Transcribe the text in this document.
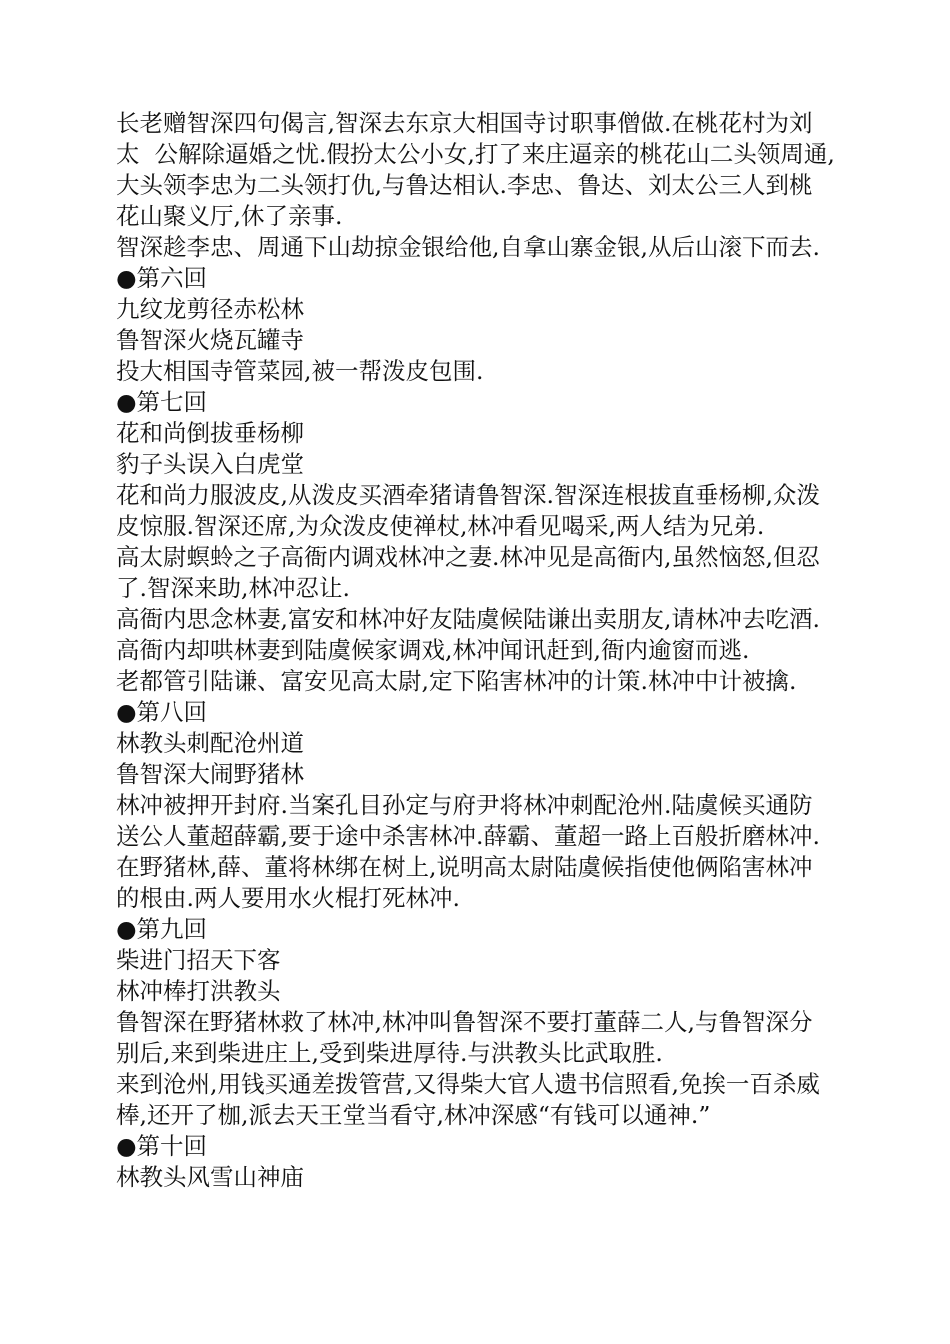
长老赠智深四句偈言,智深去东京大相国寺讨职事僧做.在桃花村为刘

太  公解除逼婚之忧.假扮太公小女,打了来庄逼亲的桃花山二头领周通,

大头领李忠为二头领打仇,与鲁达相认.李忠、鲁达、刘太公三人到桃

花山聚义厅,休了亲事.

智深趁李忠、周通下山劫掠金银给他,自拿山寨金银,从后山滚下而去.

●第六回

九纹龙剪径赤松林

鲁智深火烧瓦罐寺

投大相国寺管菜园,被一帮泼皮包围.

●第七回

花和尚倒拔垂杨柳

豹子头误入白虎堂

花和尚力服波皮,从泼皮买酒牵猪请鲁智深.智深连根拔直垂杨柳,众泼

皮惊服.智深还席,为众泼皮使禅杖,林冲看见喝采,两人结为兄弟.

高太尉螟蛉之子高衙内调戏林冲之妻.林冲见是高衙内,虽然恼怒,但忍

了.智深来助,林冲忍让.

高衙内思念林妻,富安和林冲好友陆虞候陆谦出卖朋友,请林冲去吃酒.

高衙内却哄林妻到陆虞候家调戏,林冲闻讯赶到,衙内逾窗而逃.

老都管引陆谦、富安见高太尉,定下陷害林冲的计策.林冲中计被擒.

●第八回

林教头刺配沧州道

鲁智深大闹野猪林

林冲被押开封府.当案孔目孙定与府尹将林冲刺配沧州.陆虞候买通防

送公人董超薛霸,要于途中杀害林冲.薛霸、董超一路上百般折磨林冲.

在野猪林,薛、董将林绑在树上,说明高太尉陆虞候指使他俩陷害林冲

的根由.两人要用水火棍打死林冲.

●第九回

柴进门招天下客

林冲棒打洪教头

鲁智深在野猪林救了林冲,林冲叫鲁智深不要打董薛二人,与鲁智深分

别后,来到柴进庄上,受到柴进厚待.与洪教头比武取胜.

来到沧州,用钱买通差拨管营,又得柴大官人遗书信照看,免挨一百杀威

棒,还开了枷,派去天王堂当看守,林冲深感“有钱可以通神.”

●第十回

林教头风雪山神庙
